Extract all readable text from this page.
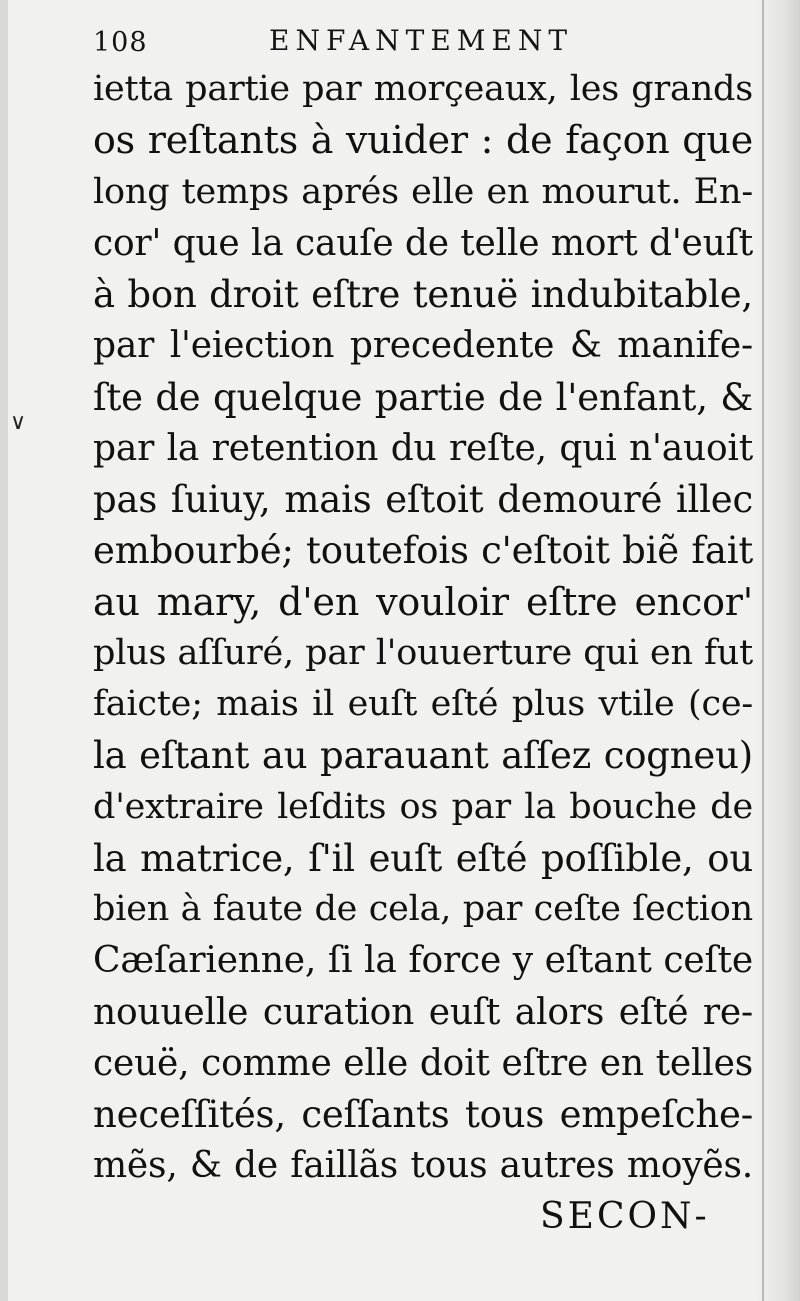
∨
108	ENFANTEMENT
ietta partie par morçeaux, les grands
os reſtants à vuider : de façon que
long temps aprés elle en mourut. En-
cor' que la cauſe de telle mort d'euſt
à bon droit eſtre tenuë indubitable,
par l'eiection precedente & manife-
ſte de quelque partie de l'enfant, &
par la retention du reſte, qui n'auoit
pas ſuiuy, mais eſtoit demouré illec
embourbé; toutefois c'eſtoit biẽ fait
au mary, d'en vouloir eſtre encor'
plus aſſuré, par l'ouuerture qui en fut
faicte; mais il euſt eſté plus vtile (ce-
la eſtant au parauant aſſez cogneu)
d'extraire leſdits os par la bouche de
la matrice, ſ'il euſt eſté poſſible, ou
bien à faute de cela, par ceſte ſection
Cæſarienne, ſi la force y eſtant ceſte
nouuelle curation euſt alors eſté re-
ceuë, comme elle doit eſtre en telles
neceſſités, ceſſants tous empeſche-
mẽs, & de faillãs tous autres moyẽs.
SECON-
